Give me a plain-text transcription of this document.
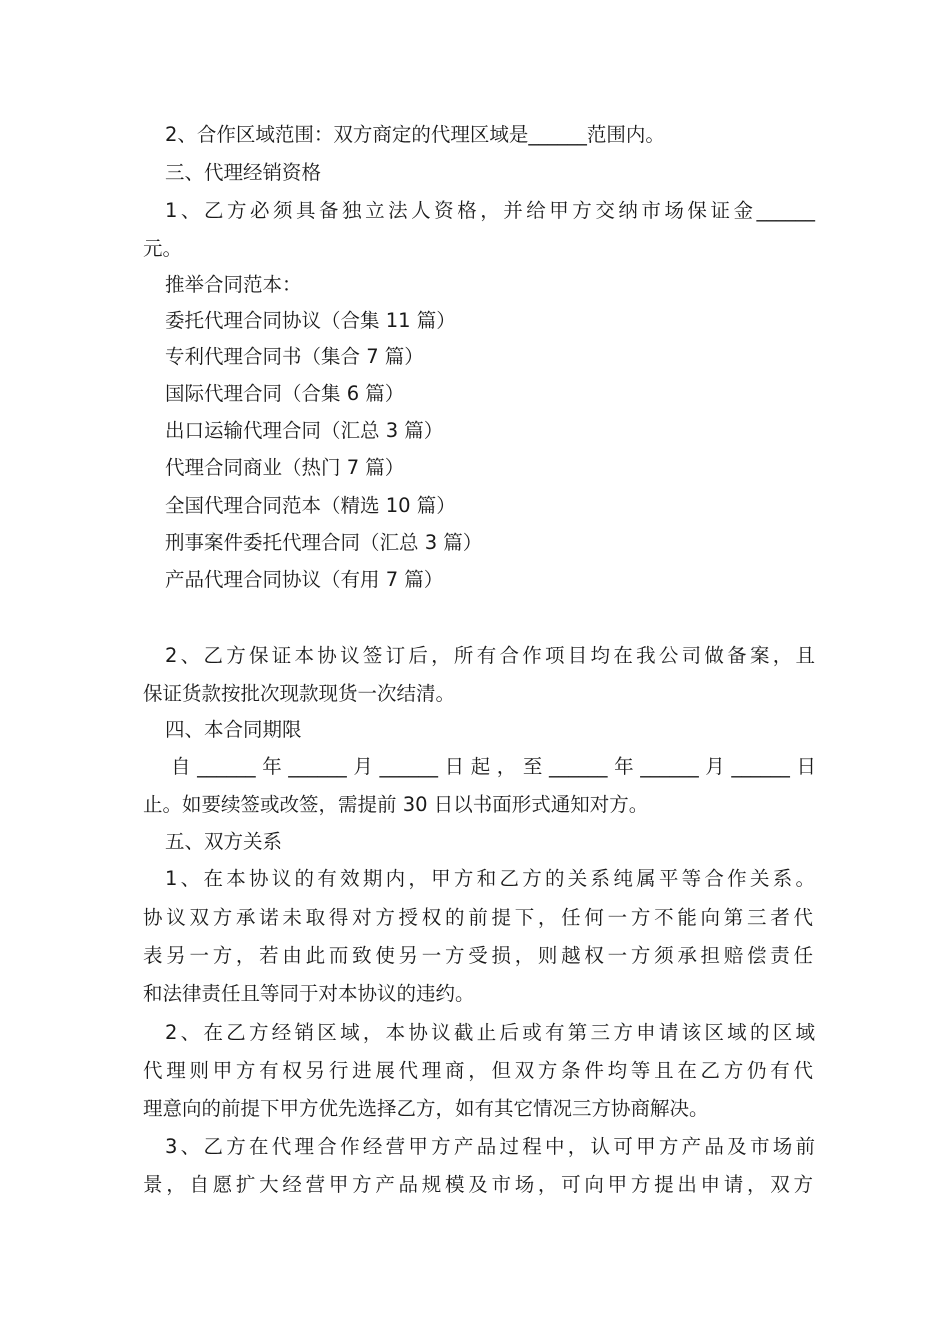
2、合作区域范围：双方商定的代理区域是______范围内。
三、代理经销资格
1、乙方必须具备独立法人资格，并给甲方交纳市场保证金______
元。
推举合同范本：
委托代理合同协议（合集 11 篇）
专利代理合同书（集合 7 篇）
国际代理合同（合集 6 篇）
出口运输代理合同（汇总 3 篇）
代理合同商业（热门 7 篇）
全国代理合同范本（精选 10 篇）
刑事案件委托代理合同（汇总 3 篇）
产品代理合同协议（有用 7 篇）
2、乙方保证本协议签订后，所有合作项目均在我公司做备案，且
保证货款按批次现款现货一次结清。
四、本合同期限
自______年______月______日起，至______年______月______日
止。如要续签或改签，需提前 30 日以书面形式通知对方。
五、双方关系
1、在本协议的有效期内，甲方和乙方的关系纯属平等合作关系。
协议双方承诺未取得对方授权的前提下，任何一方不能向第三者代
表另一方，若由此而致使另一方受损，则越权一方须承担赔偿责任
和法律责任且等同于对本协议的违约。
2、在乙方经销区域，本协议截止后或有第三方申请该区域的区域
代理则甲方有权另行进展代理商，但双方条件均等且在乙方仍有代
理意向的前提下甲方优先选择乙方，如有其它情况三方协商解决。
3、乙方在代理合作经营甲方产品过程中，认可甲方产品及市场前
景，自愿扩大经营甲方产品规模及市场，可向甲方提出申请，双方
